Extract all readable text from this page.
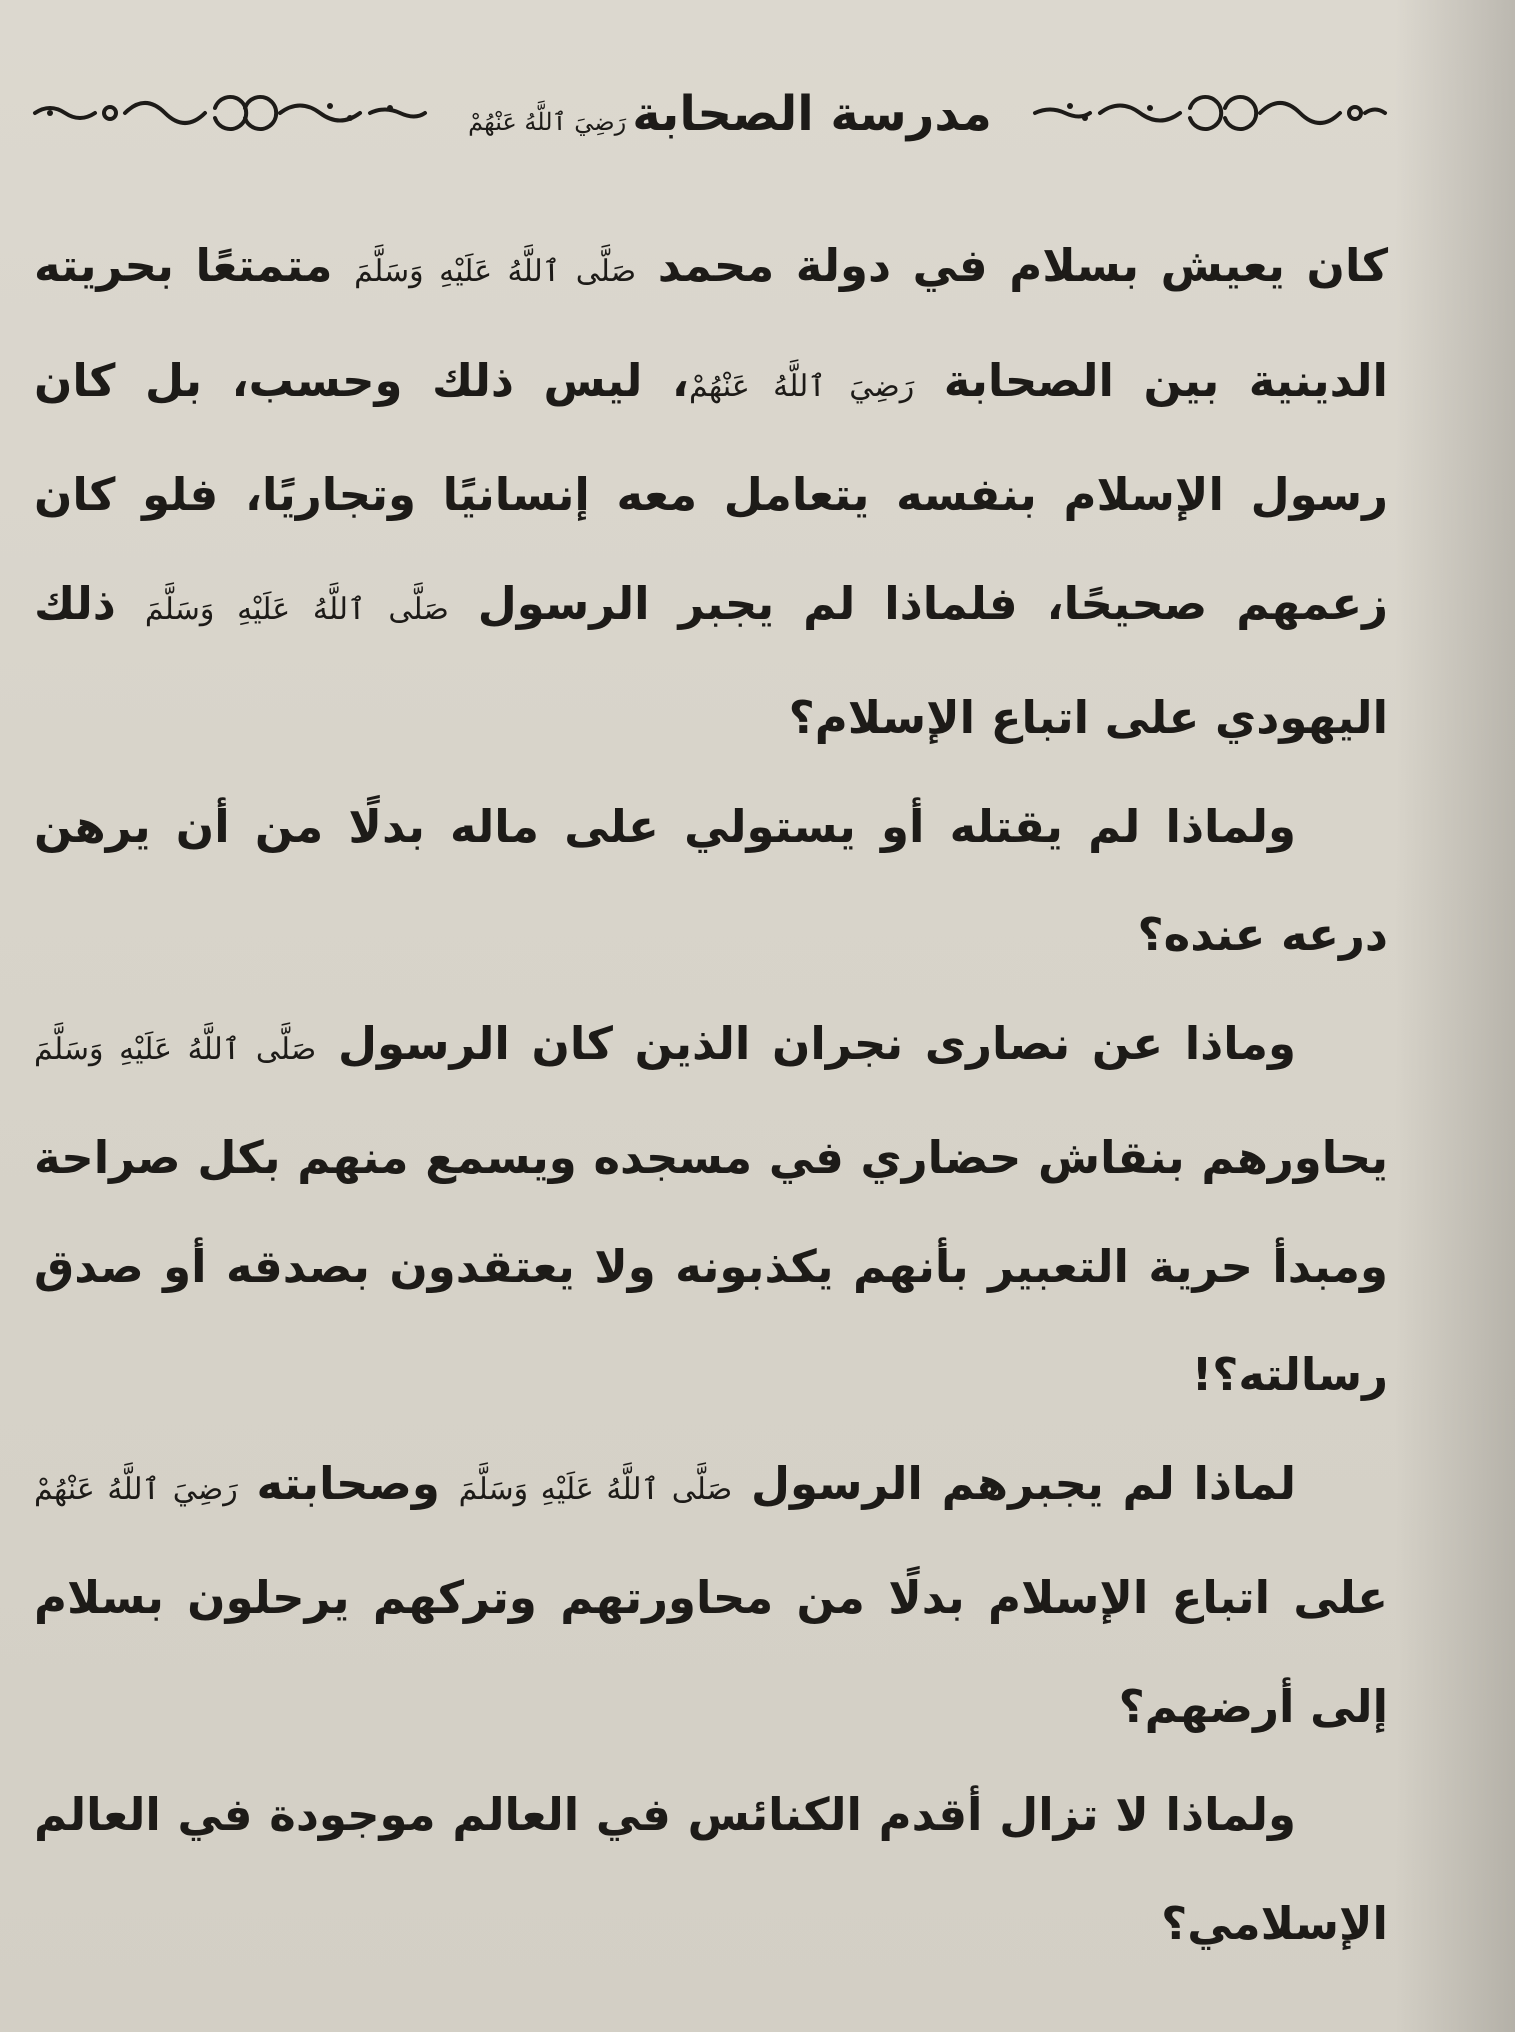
مدرسة الصحابةرَضِيَ ٱللَّهُ عَنْهُمْ

كان يعيش بسلام في دولة محمد صَلَّى ٱللَّهُ عَلَيْهِ وَسَلَّمَ متمتعًا بحريته الدينية بين الصحابة رَضِيَ ٱللَّهُ عَنْهُمْ، ليس ذلك وحسب، بل كان رسول الإسلام بنفسه يتعامل معه إنسانيًا وتجاريًا، فلو كان زعمهم صحيحًا، فلماذا لم يجبر الرسول صَلَّى ٱللَّهُ عَلَيْهِ وَسَلَّمَ ذلك اليهودي على اتباع الإسلام؟

ولماذا لم يقتله أو يستولي على ماله بدلًا من أن يرهن درعه عنده؟

وماذا عن نصارى نجران الذين كان الرسول صَلَّى ٱللَّهُ عَلَيْهِ وَسَلَّمَ يحاورهم بنقاش حضاري في مسجده ويسمع منهم بكل صراحة ومبدأ حرية التعبير بأنهم يكذبونه ولا يعتقدون بصدقه أو صدق رسالته؟!

لماذا لم يجبرهم الرسول صَلَّى ٱللَّهُ عَلَيْهِ وَسَلَّمَ وصحابته رَضِيَ ٱللَّهُ عَنْهُمْ على اتباع الإسلام بدلًا من محاورتهم وتركهم يرحلون بسلام إلى أرضهم؟

ولماذا لا تزال أقدم الكنائس في العالم موجودة في العالم الإسلامي؟
